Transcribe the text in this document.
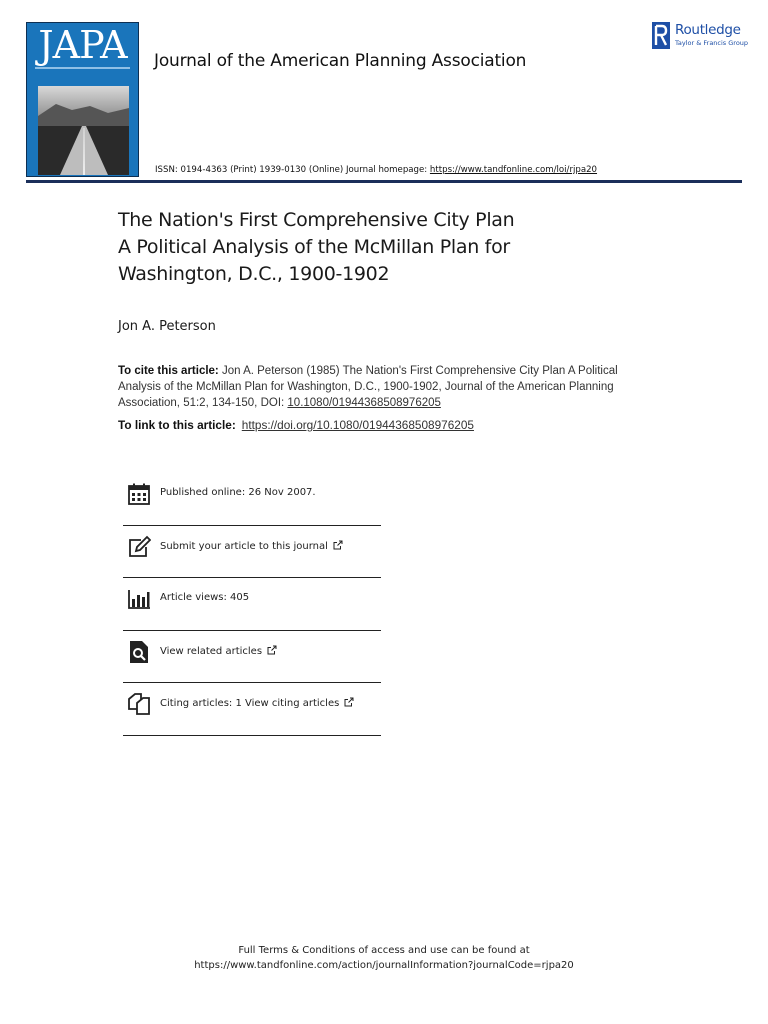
JAPA	Journal of the American Planning Association
Routledge
Taylor & Francis Group
ISSN: 0194-4363 (Print) 1939-0130 (Online) Journal homepage: https://www.tandfonline.com/loi/rjpa20
The Nation's First Comprehensive City Plan
A Political Analysis of the McMillan Plan for
Washington, D.C., 1900-1902
Jon A. Peterson
To cite this article: Jon A. Peterson (1985) The Nation's First Comprehensive City Plan A Political Analysis of the McMillan Plan for Washington, D.C., 1900-1902, Journal of the American Planning Association, 51:2, 134-150, DOI: 10.1080/01944368508976205
To link to this article: https://doi.org/10.1080/01944368508976205
Published online: 26 Nov 2007.
Submit your article to this journal
Article views: 405
View related articles
Citing articles: 1 View citing articles
Full Terms & Conditions of access and use can be found at
https://www.tandfonline.com/action/journalInformation?journalCode=rjpa20
